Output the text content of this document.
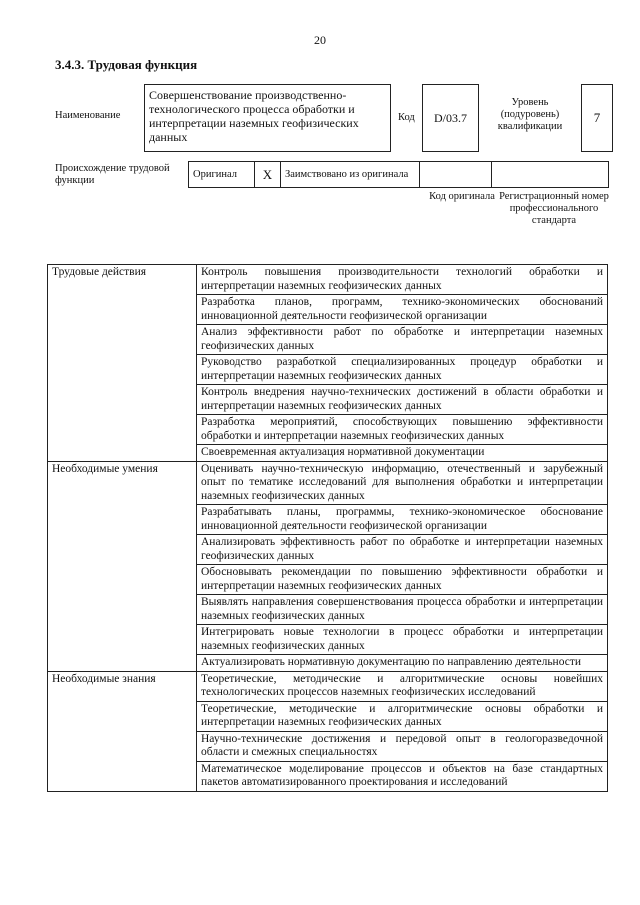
20
3.4.3. Трудовая функция
Наименование
Совершенствование производственно-технологического процесса обработки и интерпретации наземных геофизических данных
Код D/03.7
Уровень (подуровень) квалификации
7
Происхождение трудовой функции
Оригинал	X	Заимствовано из оригинала		
Код оригинала Регистрационный номер профессионального стандарта
Трудовые действия	Контроль повышения производительности технологий обработки и интерпретации наземных геофизических данных
	Разработка планов, программ, технико-экономических обоснований инновационной деятельности геофизической организации
	Анализ эффективности работ по обработке и интерпретации наземных геофизических данных
	Руководство разработкой специализированных процедур обработки и интерпретации наземных геофизических данных
	Контроль внедрения научно-технических достижений в области обработки и интерпретации наземных геофизических данных
	Разработка мероприятий, способствующих повышению эффективности обработки и интерпретации наземных геофизических данных
	Своевременная актуализация нормативной документации
Необходимые умения	Оценивать научно-техническую информацию, отечественный и зарубежный опыт по тематике исследований для выполнения обработки и интерпретации наземных геофизических данных
	Разрабатывать планы, программы, технико-экономическое обоснование инновационной деятельности геофизической организации
	Анализировать эффективность работ по обработке и интерпретации наземных геофизических данных
	Обосновывать рекомендации по повышению эффективности обработки и интерпретации наземных геофизических данных
	Выявлять направления совершенствования процесса обработки и интерпретации наземных геофизических данных
	Интегрировать новые технологии в процесс обработки и интерпретации наземных геофизических данных
	Актуализировать нормативную документацию по направлению деятельности
Необходимые знания	Теоретические, методические и алгоритмические основы новейших технологических процессов наземных геофизических исследований
	Теоретические, методические и алгоритмические основы обработки и интерпретации наземных геофизических данных
	Научно-технические достижения и передовой опыт в геологоразведочной области и смежных специальностях
	Математическое моделирование процессов и объектов на базе стандартных пакетов автоматизированного проектирования и исследований
